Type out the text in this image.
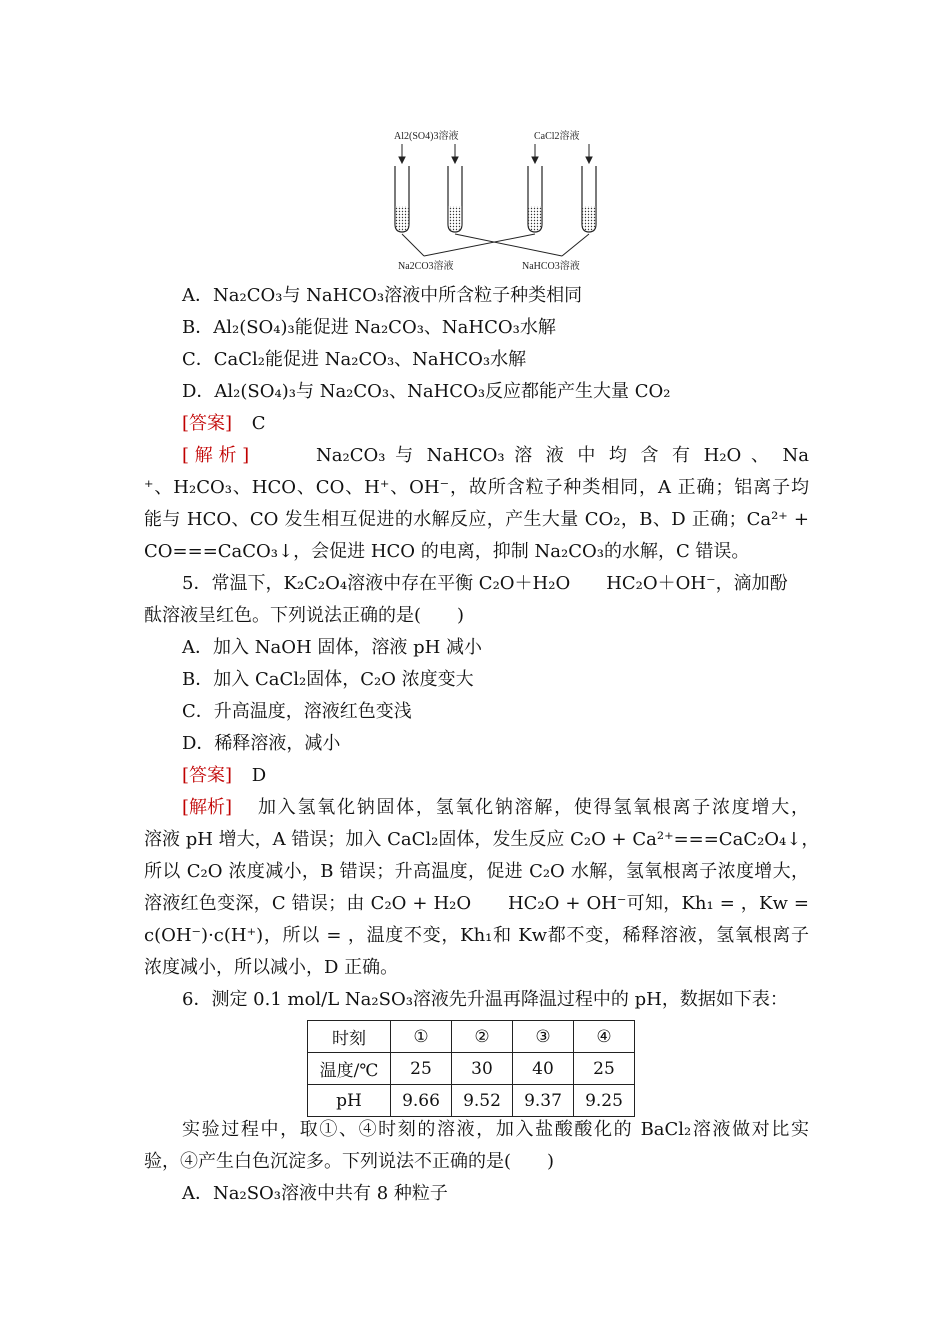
Al2(SO4)3溶液	CaCl2溶液
Na2CO3溶液	NaHCO3溶液
A．Na₂CO₃与 NaHCO₃溶液中所含粒子种类相同
B．Al₂(SO₄)₃能促进 Na₂CO₃、NaHCO₃水解
C．CaCl₂能促进 Na₂CO₃、NaHCO₃水解
D．Al₂(SO₄)₃与 Na₂CO₃、NaHCO₃反应都能产生大量 CO₂
[答案] C
[ 解 析 ]	Na₂CO₃ 与 NaHCO₃ 溶 液 中 均 含 有 H₂O 、 Na
⁺、H₂CO₃、HCO、CO、H⁺、OH⁻，故所含粒子种类相同，A 正确；铝离子均
能与 HCO、CO 发生相互促进的水解反应，产生大量 CO₂，B、D 正确；Ca²⁺ +
CO===CaCO₃↓，会促进 HCO 的电离，抑制 Na₂CO₃的水解，C 错误。
5．常温下，K₂C₂O₄溶液中存在平衡 C₂O＋H₂O　　HC₂O＋OH⁻，滴加酚
酞溶液呈红色。下列说法正确的是(　　)
A．加入 NaOH 固体，溶液 pH 减小
B．加入 CaCl₂固体，C₂O 浓度变大
C．升高温度，溶液红色变浅
D．稀释溶液，减小
[答案] D
[解析] 加入氢氧化钠固体，氢氧化钠溶解，使得氢氧根离子浓度增大，
溶液 pH 增大，A 错误；加入 CaCl₂固体，发生反应 C₂O + Ca²⁺===CaC₂O₄↓，
所以 C₂O 浓度减小，B 错误；升高温度，促进 C₂O 水解，氢氧根离子浓度增大，
溶液红色变深，C 错误；由 C₂O + H₂O　　HC₂O + OH⁻可知，Kh₁ = ，Kw =
c(OH⁻)·c(H⁺)，所以 = ，温度不变，Kh₁和 Kw都不变，稀释溶液，氢氧根离子
浓度减小，所以减小，D 正确。
6．测定 0.1 mol/L Na₂SO₃溶液先升温再降温过程中的 pH，数据如下表：
时刻	①	②	③	④
温度/℃	25	30	40	25
pH	9.66	9.52	9.37	9.25
实验过程中，取①、④时刻的溶液，加入盐酸酸化的 BaCl₂溶液做对比实
验，④产生白色沉淀多。下列说法不正确的是(　　)
A．Na₂SO₃溶液中共有 8 种粒子
